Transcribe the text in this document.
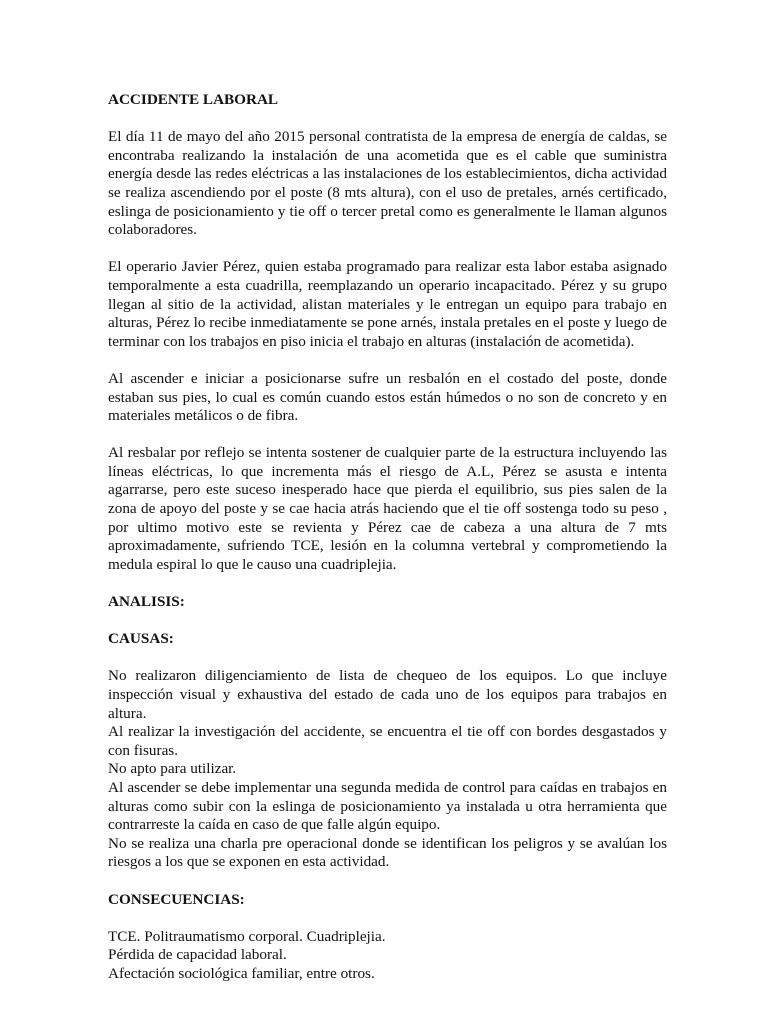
ACCIDENTE LABORAL

El día 11 de mayo del año 2015 personal contratista de la empresa de energía de caldas, se encontraba realizando la instalación de una acometida que es el cable que suministra energía desde las redes eléctricas a las instalaciones de los establecimientos, dicha actividad se realiza ascendiendo por el poste (8 mts altura), con el uso de pretales, arnés certificado, eslinga de posicionamiento y tie off o tercer pretal como es generalmente le llaman algunos colaboradores.

El operario Javier Pérez, quien estaba programado para realizar esta labor estaba asignado temporalmente a esta cuadrilla, reemplazando un operario incapacitado. Pérez y su grupo llegan al sitio de la actividad, alistan materiales y le entregan un equipo para trabajo en alturas, Pérez lo recibe inmediatamente se pone arnés, instala pretales en el poste y luego de terminar con los trabajos en piso inicia el trabajo en alturas (instalación de acometida).

Al ascender e iniciar a posicionarse sufre un resbalón en el costado del poste, donde estaban sus pies, lo cual es común cuando estos están húmedos o no son de concreto y en materiales metálicos o de fibra.

Al resbalar por reflejo se intenta sostener de cualquier parte de la estructura incluyendo las líneas eléctricas, lo que incrementa más el riesgo de A.L, Pérez se asusta e intenta agarrarse, pero este suceso inesperado hace que pierda el equilibrio, sus pies salen de la zona de apoyo del poste y se cae hacia atrás haciendo que el tie off sostenga todo su peso , por ultimo motivo este se revienta y Pérez cae de cabeza a una altura de 7 mts aproximadamente, sufriendo TCE, lesión en la columna vertebral y comprometiendo la medula espiral lo que le causo una cuadriplejia.

ANALISIS:

CAUSAS:

No realizaron diligenciamiento de lista de chequeo de los equipos. Lo que incluye inspección visual y exhaustiva del estado de cada uno de los equipos para trabajos en altura.

Al realizar la investigación del accidente, se encuentra el tie off con bordes desgastados y con fisuras.

No apto para utilizar.

Al ascender se debe implementar una segunda medida de control para caídas en trabajos en alturas como subir con la eslinga de posicionamiento ya instalada u otra herramienta que contrarreste la caída en caso de que falle algún equipo.

No se realiza una charla pre operacional donde se identifican los peligros y se avalúan los riesgos a los que se exponen en esta actividad.

CONSECUENCIAS:

TCE. Politraumatismo corporal. Cuadriplejia.

Pérdida de capacidad laboral.

Afectación sociológica familiar, entre otros.
